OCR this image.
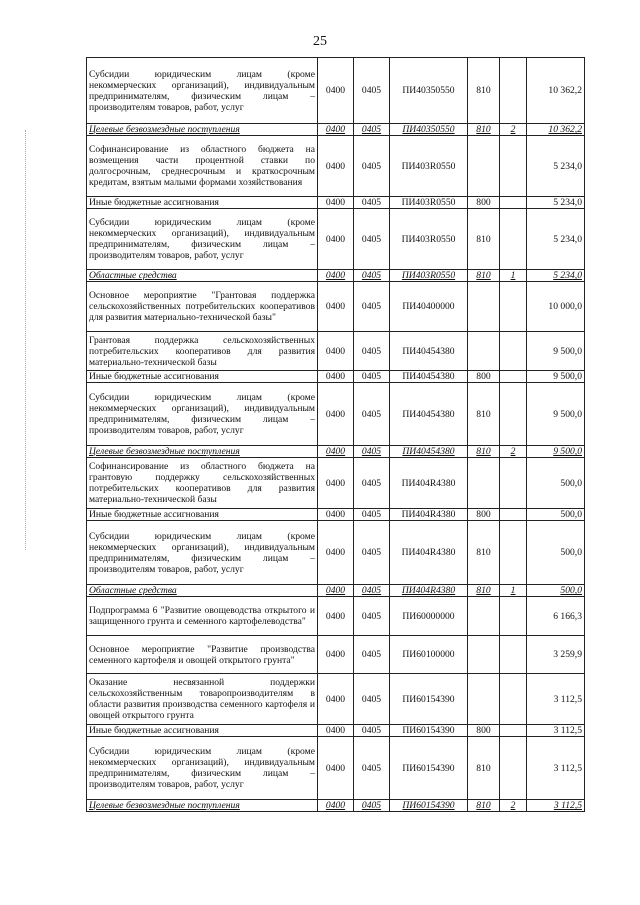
25
Субсидии юридическим лицам (кроме некоммерческих организаций), индивидуальным предпринимателям, физическим лицам – производителям товаров, работ, услуг	0400	0405	ПИ40350550	810		10 362,2
Целевые безвозмездные поступления	0400	0405	ПИ40350550	810	2	10 362,2
Софинансирование из областного бюджета на возмещения части процентной ставки по долгосрочным, среднесрочным и краткосрочным кредитам, взятым малыми формами хозяйствования	0400	0405	ПИ403R0550			5 234,0
Иные бюджетные ассигнования	0400	0405	ПИ403R0550	800		5 234,0
Субсидии юридическим лицам (кроме некоммерческих организаций), индивидуальным предпринимателям, физическим лицам – производителям товаров, работ, услуг	0400	0405	ПИ403R0550	810		5 234,0
Областные средства	0400	0405	ПИ403R0550	810	1	5 234,0
Основное мероприятие "Грантовая поддержка сельскохозяйственных потребительских кооперативов для развития материально-технической базы"	0400	0405	ПИ40400000			10 000,0
Грантовая поддержка сельскохозяйственных потребительских кооперативов для развития материально-технической базы	0400	0405	ПИ40454380			9 500,0
Иные бюджетные ассигнования	0400	0405	ПИ40454380	800		9 500,0
Субсидии юридическим лицам (кроме некоммерческих организаций), индивидуальным предпринимателям, физическим лицам – производителям товаров, работ, услуг	0400	0405	ПИ40454380	810		9 500,0
Целевые безвозмездные поступления	0400	0405	ПИ40454380	810	2	9 500,0
Софинансирование из областного бюджета на грантовую поддержку сельскохозяйственных потребительских кооперативов для развития материально-технической базы	0400	0405	ПИ404R4380			500,0
Иные бюджетные ассигнования	0400	0405	ПИ404R4380	800		500,0
Субсидии юридическим лицам (кроме некоммерческих организаций), индивидуальным предпринимателям, физическим лицам – производителям товаров, работ, услуг	0400	0405	ПИ404R4380	810		500,0
Областные средства	0400	0405	ПИ404R4380	810	1	500,0
Подпрограмма 6 "Развитие овощеводства открытого и защищенного грунта и семенного картофелеводства"	0400	0405	ПИ60000000			6 166,3
Основное мероприятие "Развитие производства семенного картофеля и овощей открытого грунта"	0400	0405	ПИ60100000			3 259,9
Оказание несвязанной поддержки сельскохозяйственным товаропроизводителям в области развития производства семенного картофеля и овощей открытого грунта	0400	0405	ПИ60154390			3 112,5
Иные бюджетные ассигнования	0400	0405	ПИ60154390	800		3 112,5
Субсидии юридическим лицам (кроме некоммерческих организаций), индивидуальным предпринимателям, физическим лицам – производителям товаров, работ, услуг	0400	0405	ПИ60154390	810		3 112,5
Целевые безвозмездные поступления	0400	0405	ПИ60154390	810	2	3 112,5
